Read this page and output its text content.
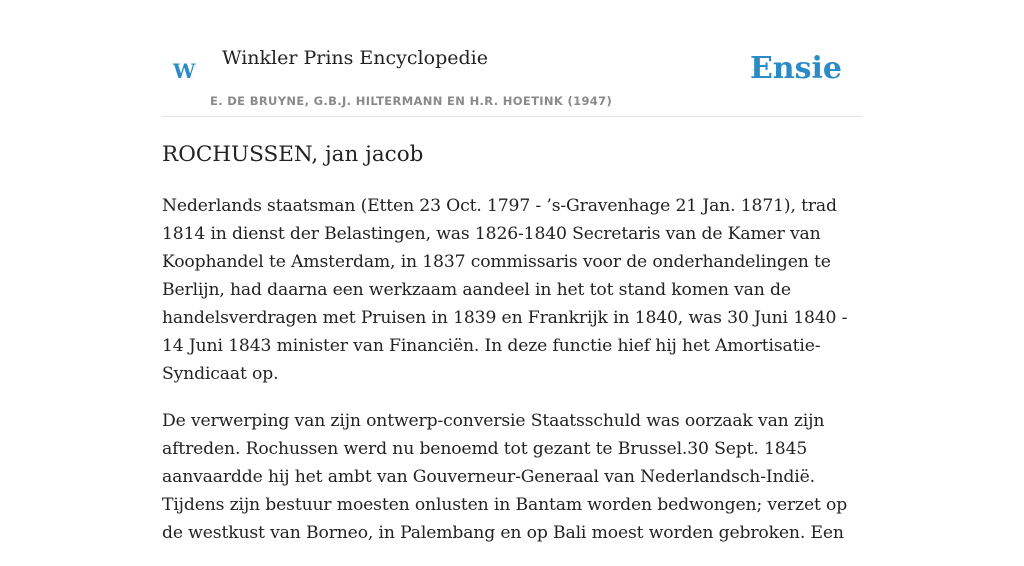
w Winkler Prins Encyclopedie
E. DE BRUYNE, G.B.J. HILTERMANN EN H.R. HOETINK (1947)
Ensie
ROCHUSSEN, jan jacob

Nederlands staatsman (Etten 23 Oct. 1797 - ’s-Gravenhage 21 Jan. 1871), trad 1814 in dienst der Belastingen, was 1826-1840 Secretaris van de Kamer van Koophandel te Amsterdam, in 1837 commissaris voor de onderhandelingen te Berlijn, had daarna een werkzaam aandeel in het tot stand komen van de handelsverdragen met Pruisen in 1839 en Frankrijk in 1840, was 30 Juni 1840 - 14 Juni 1843 minister van Financiën. In deze functie hief hij het Amortisatie-Syndicaat op.

De verwerping van zijn ontwerp-conversie Staatsschuld was oorzaak van zijn aftreden. Rochussen werd nu benoemd tot gezant te Brussel.30 Sept. 1845 aanvaardde hij het ambt van Gouverneur-Generaal van Nederlandsch-Indië. Tijdens zijn bestuur moesten onlusten in Bantam worden bedwongen; verzet op de westkust van Borneo, in Palembang en op Bali moest worden gebroken. Een
